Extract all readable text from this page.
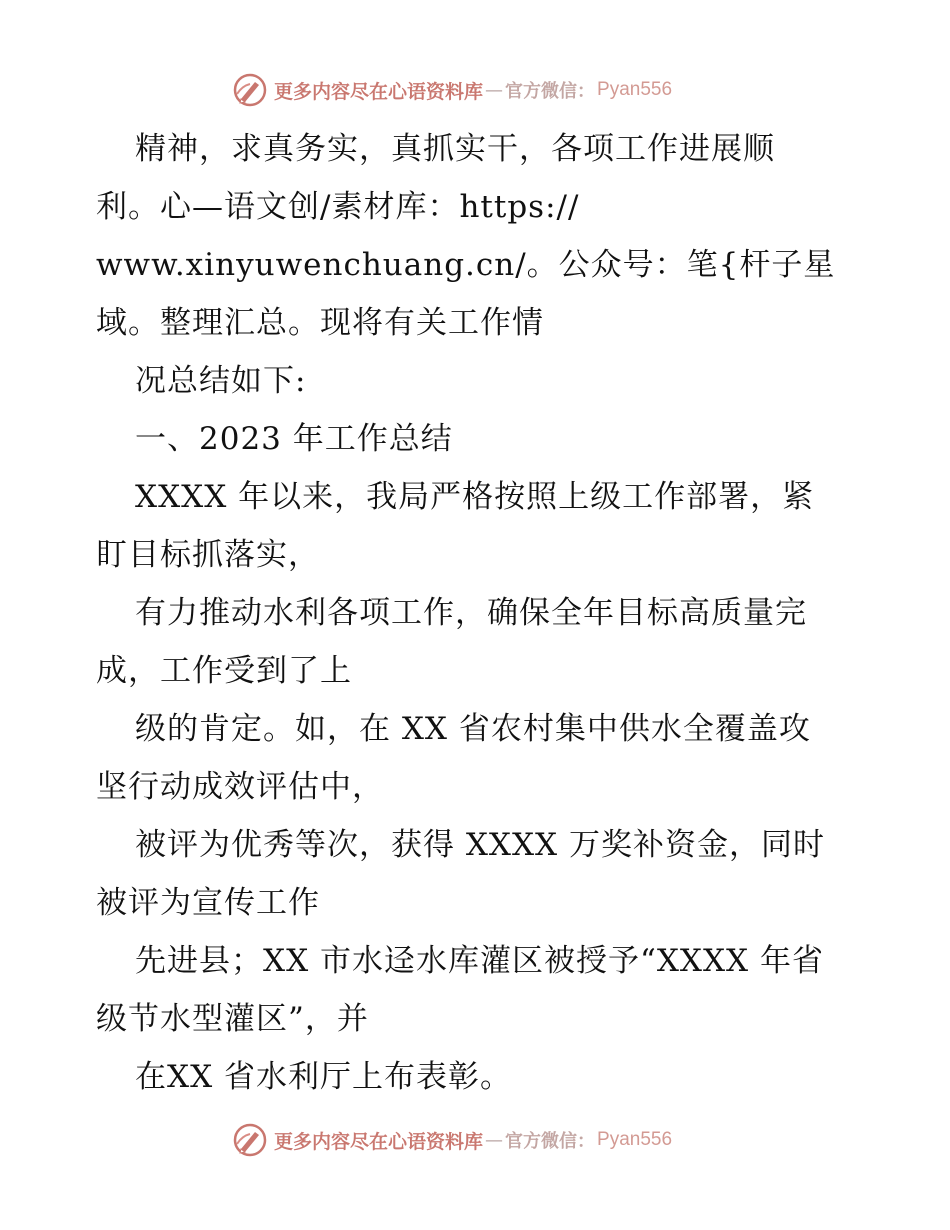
更多内容尽在心语资料库 — 官方微信： Pyan556
精神，求真务实，真抓实干，各项工作进展顺
利。心—语文创/素材库：https://
www.xinyuwenchuang.cn/。公众号：笔{杆子星
域。整理汇总。现将有关工作情
况总结如下:
一、2023 年工作总结
XXXX 年以来，我局严格按照上级工作部署，紧
盯目标抓落实，
有力推动水利各项工作，确保全年目标高质量完
成，工作受到了上
级的肯定。如，在 XX 省农村集中供水全覆盖攻
坚行动成效评估中，
被评为优秀等次，获得 XXXX 万奖补资金，同时
被评为宣传工作
先进县；XX 市水迳水库灌区被授予“XXXX 年省
级节水型灌区”，并
在XX 省水利厅上布表彰。
更多内容尽在心语资料库 — 官方微信： Pyan556
